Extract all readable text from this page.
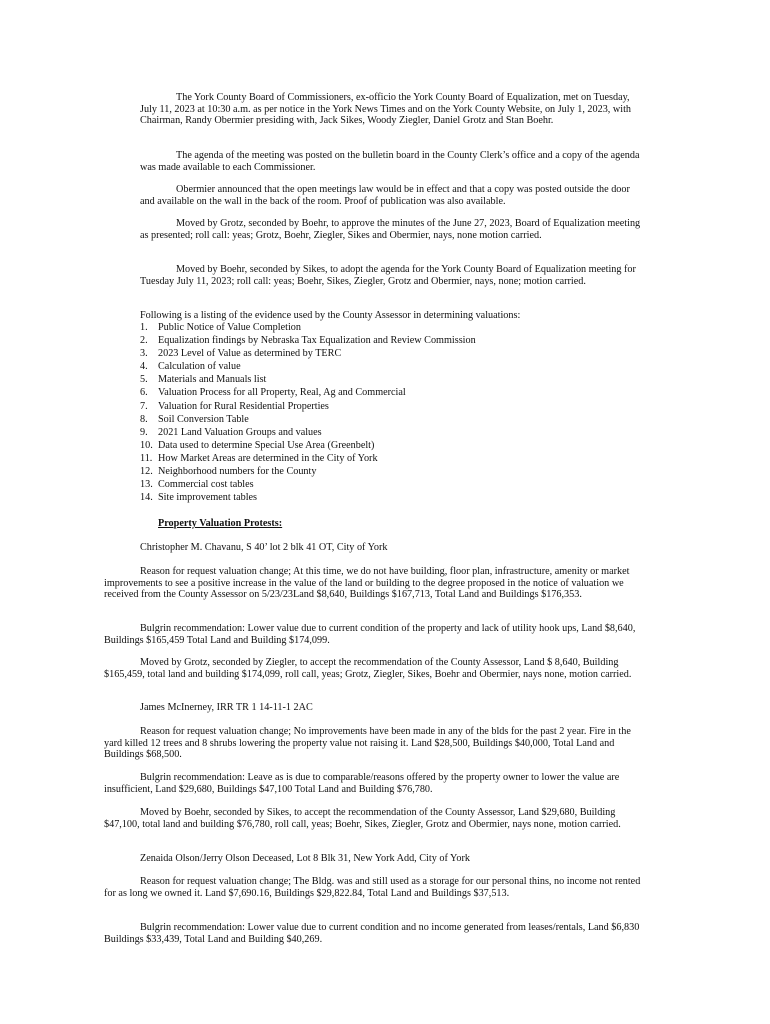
The York County Board of Commissioners, ex-officio the York County Board of Equalization, met on Tuesday, July 11, 2023 at 10:30 a.m. as per notice in the York News Times and on the York County Website, on July 1, 2023, with Chairman, Randy Obermier presiding with, Jack Sikes, Woody Ziegler, Daniel Grotz and Stan Boehr.

The agenda of the meeting was posted on the bulletin board in the County Clerk’s office and a copy of the agenda was made available to each Commissioner.

Obermier announced that the open meetings law would be in effect and that a copy was posted outside the door and available on the wall in the back of the room. Proof of publication was also available.

Moved by Grotz, seconded by Boehr, to approve the minutes of the June 27, 2023, Board of Equalization meeting as presented; roll call: yeas; Grotz, Boehr, Ziegler, Sikes and Obermier, nays, none motion carried.

Moved by Boehr, seconded by Sikes, to adopt the agenda for the York County Board of Equalization meeting for Tuesday July 11, 2023; roll call: yeas; Boehr, Sikes, Ziegler, Grotz and Obermier, nays, none; motion carried.

Following is a listing of the evidence used by the County Assessor in determining valuations:

1. Public Notice of Value Completion
2. Equalization findings by Nebraska Tax Equalization and Review Commission
3. 2023 Level of Value as determined by TERC
4. Calculation of value
5. Materials and Manuals list
6. Valuation Process for all Property, Real, Ag and Commercial
7. Valuation for Rural Residential Properties
8. Soil Conversion Table
9. 2021 Land Valuation Groups and values
10. Data used to determine Special Use Area (Greenbelt)
11. How Market Areas are determined in the City of York
12. Neighborhood numbers for the County
13. Commercial cost tables
14. Site improvement tables

Property Valuation Protests:

Christopher M. Chavanu, S 40’ lot 2 blk 41 OT, City of York

Reason for request valuation change; At this time, we do not have building, floor plan, infrastructure, amenity or market improvements to see a positive increase in the value of the land or building to the degree proposed in the notice of valuation we received from the County Assessor on 5/23/23Land $8,640, Buildings $167,713, Total Land and Buildings $176,353.

Bulgrin recommendation: Lower value due to current condition of the property and lack of utility hook ups, Land $8,640, Buildings $165,459 Total Land and Building $174,099.

Moved by Grotz, seconded by Ziegler, to accept the recommendation of the County Assessor, Land $ 8,640, Building $165,459, total land and building $174,099, roll call, yeas; Grotz, Ziegler, Sikes, Boehr and Obermier, nays none, motion carried.

James McInerney, IRR TR 1 14-11-1 2AC

Reason for request valuation change; No improvements have been made in any of the blds for the past 2 year. Fire in the yard killed 12 trees and 8 shrubs lowering the property value not raising it. Land $28,500, Buildings $40,000, Total Land and Buildings $68,500.

Bulgrin recommendation: Leave as is due to comparable/reasons offered by the property owner to lower the value are insufficient, Land $29,680, Buildings $47,100 Total Land and Building $76,780.

Moved by Boehr, seconded by Sikes, to accept the recommendation of the County Assessor, Land $29,680, Building $47,100, total land and building $76,780, roll call, yeas; Boehr, Sikes, Ziegler, Grotz and Obermier, nays none, motion carried.

Zenaida Olson/Jerry Olson Deceased, Lot 8 Blk 31, New York Add, City of York

Reason for request valuation change; The Bldg. was and still used as a storage for our personal thins, no income not rented for as long we owned it. Land $7,690.16, Buildings $29,822.84, Total Land and Buildings $37,513.

Bulgrin recommendation: Lower value due to current condition and no income generated from leases/rentals, Land $6,830 Buildings $33,439, Total Land and Building $40,269.
